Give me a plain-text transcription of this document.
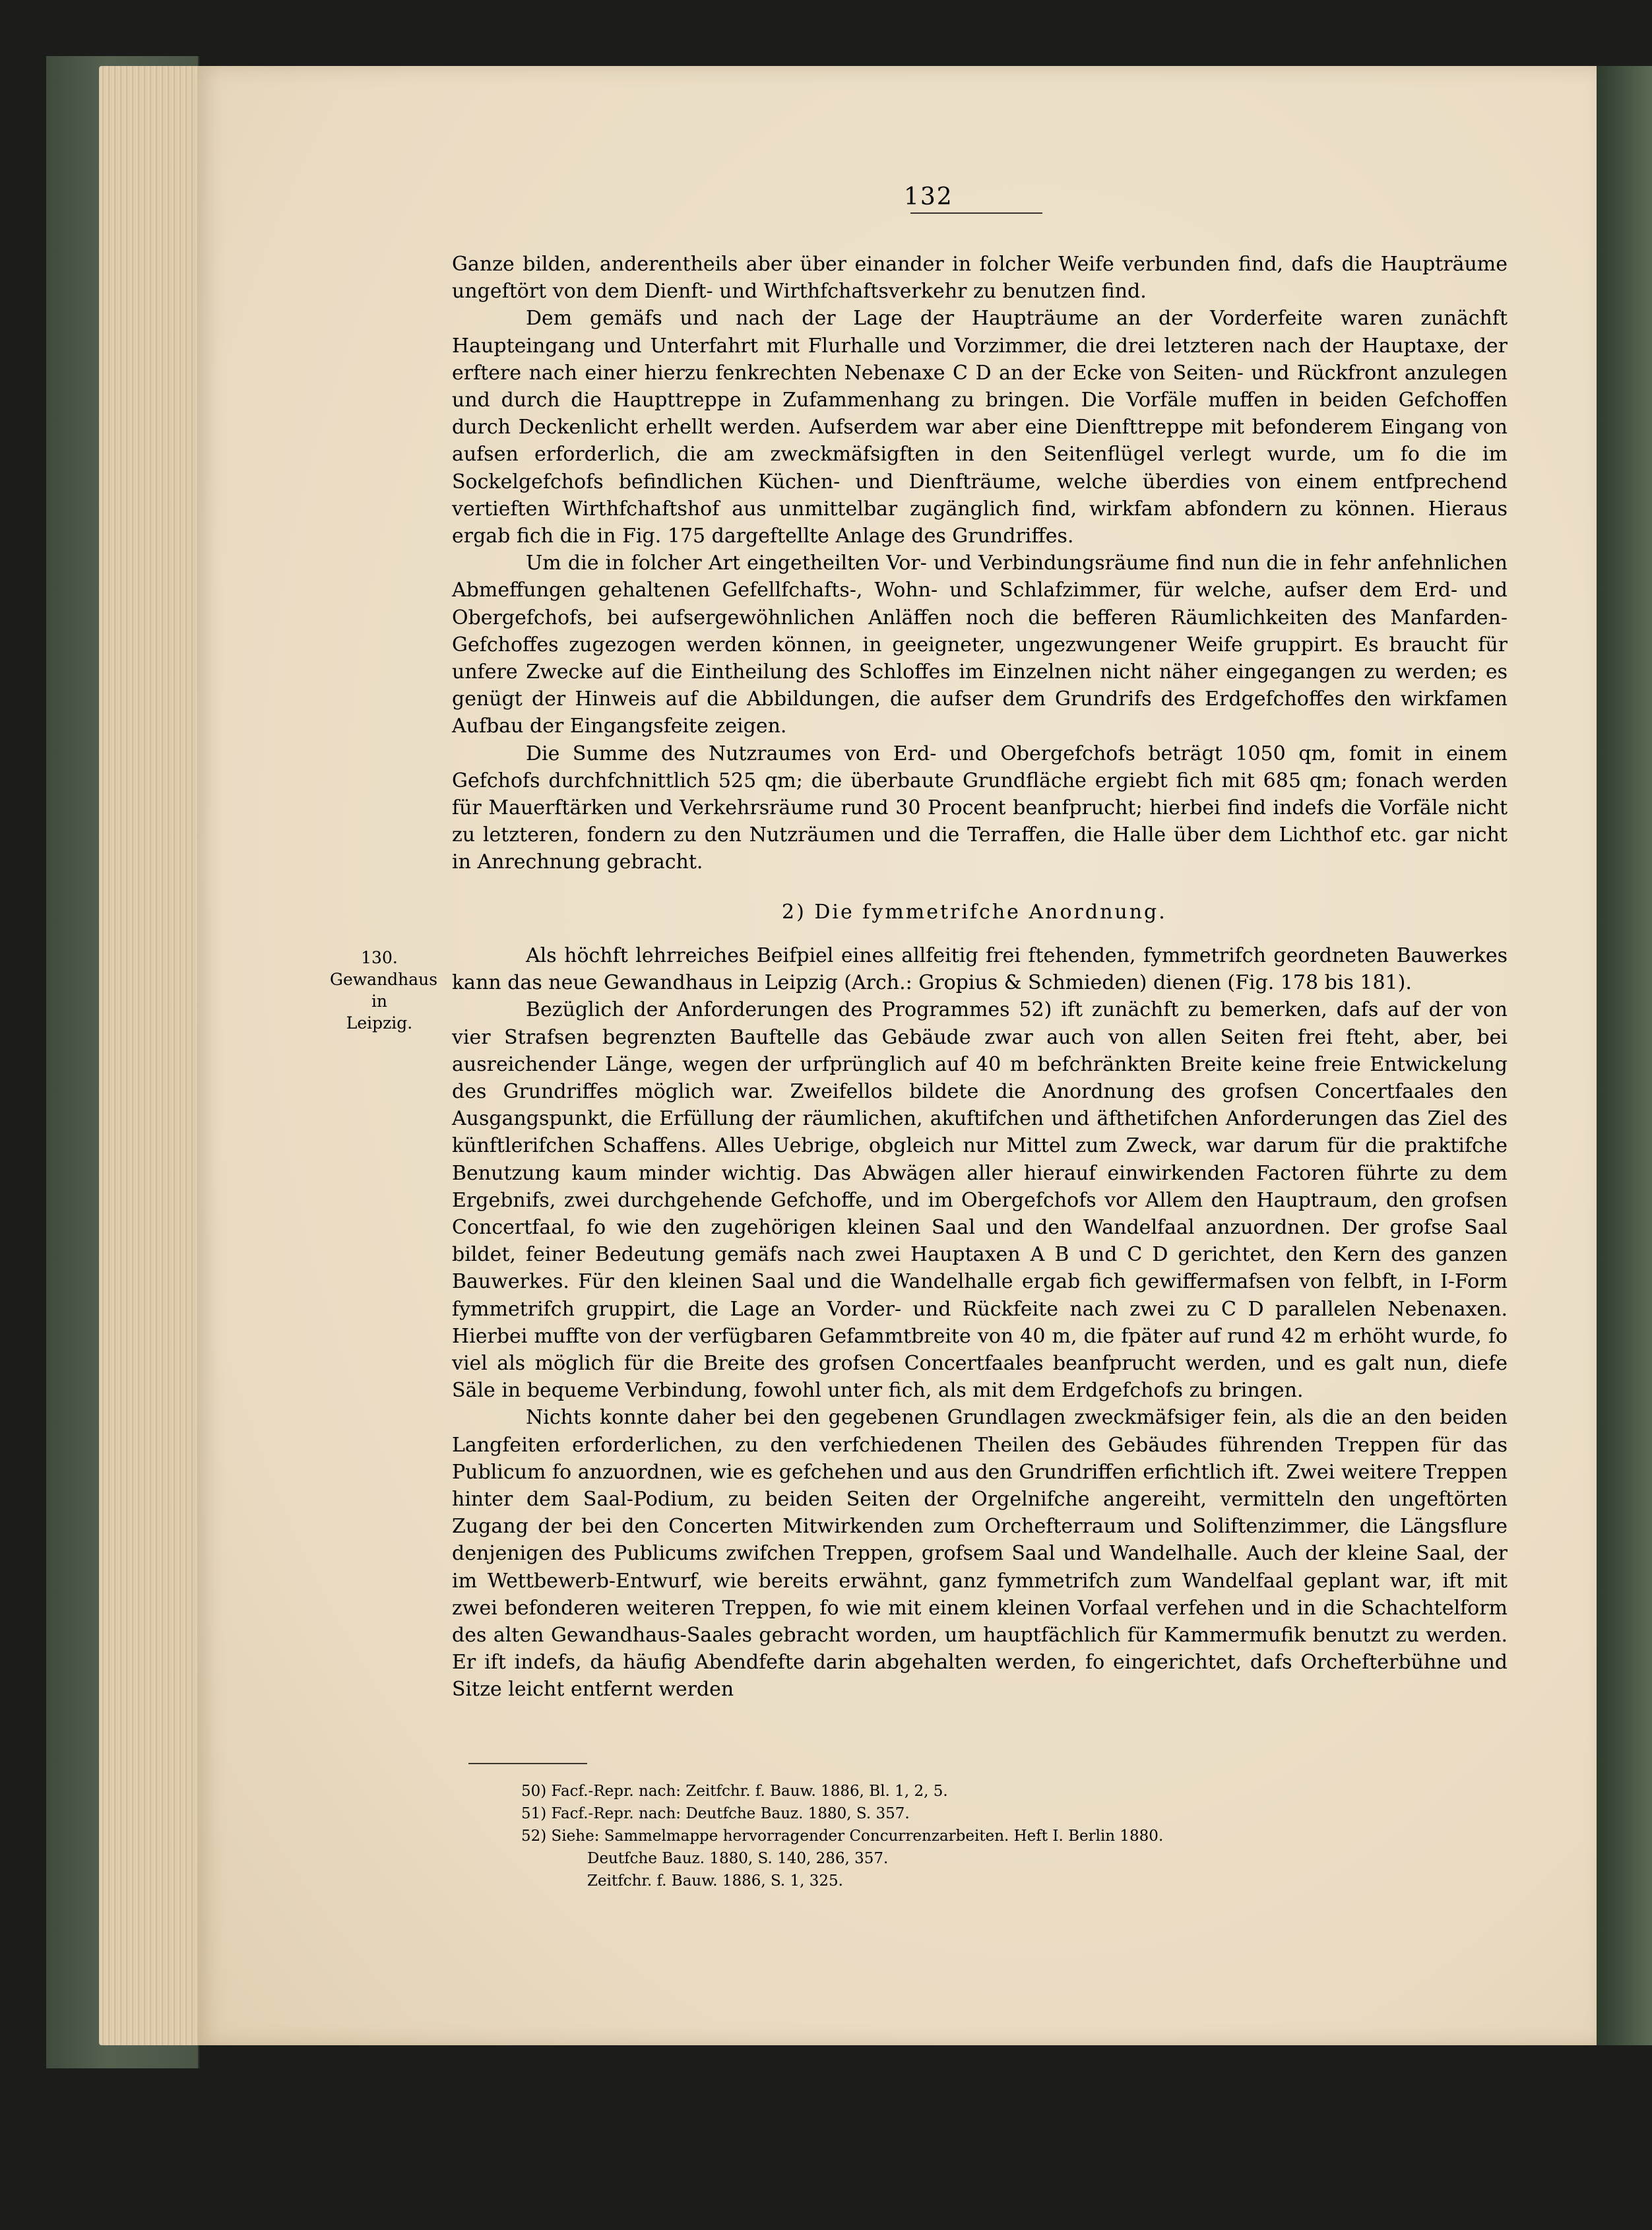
132

Ganze bilden, anderentheils aber über einander in folcher Weife verbunden find, dafs die Haupträume ungeftört von dem Dienft- und Wirthfchaftsverkehr zu benutzen find.

Dem gemäfs und nach der Lage der Haupträume an der Vorderfeite waren zunächft Haupteingang und Unterfahrt mit Flurhalle und Vorzimmer, die drei letzteren nach der Hauptaxe, der erftere nach einer hierzu fenkrechten Nebenaxe C D an der Ecke von Seiten- und Rückfront anzulegen und durch die Haupttreppe in Zufammenhang zu bringen. Die Vorfäle muffen in beiden Gefchoffen durch Deckenlicht erhellt werden. Aufserdem war aber eine Dienfttreppe mit befonderem Eingang von aufsen erforderlich, die am zweckmäfsigften in den Seitenflügel verlegt wurde, um fo die im Sockelgefchofs befindlichen Küchen- und Dienfträume, welche überdies von einem entfprechend vertieften Wirthfchaftshof aus unmittelbar zugänglich find, wirkfam abfondern zu können. Hieraus ergab fich die in Fig. 175 dargeftellte Anlage des Grundriffes.

Um die in folcher Art eingetheilten Vor- und Verbindungsräume find nun die in fehr anfehnlichen Abmeffungen gehaltenen Gefellfchafts-, Wohn- und Schlafzimmer, für welche, aufser dem Erd- und Obergefchofs, bei aufsergewöhnlichen Anläffen noch die befferen Räumlichkeiten des Manfarden-Gefchoffes zugezogen werden können, in geeigneter, ungezwungener Weife gruppirt. Es braucht für unfere Zwecke auf die Eintheilung des Schloffes im Einzelnen nicht näher eingegangen zu werden; es genügt der Hinweis auf die Abbildungen, die aufser dem Grundrifs des Erdgefchoffes den wirkfamen Aufbau der Eingangsfeite zeigen.

Die Summe des Nutzraumes von Erd- und Obergefchofs beträgt 1050 qm, fomit in einem Gefchofs durchfchnittlich 525 qm; die überbaute Grundfläche ergiebt fich mit 685 qm; fonach werden für Mauerftärken und Verkehrsräume rund 30 Procent beanfprucht; hierbei find indefs die Vorfäle nicht zu letzteren, fondern zu den Nutzräumen und die Terraffen, die Halle über dem Lichthof etc. gar nicht in Anrechnung gebracht.

2) Die fymmetrifche Anordnung.
130.
Gewandhaus
in
Leipzig.

Als höchft lehrreiches Beifpiel eines allfeitig frei ftehenden, fymmetrifch geordneten Bauwerkes kann das neue Gewandhaus in Leipzig (Arch.: Gropius & Schmieden) dienen (Fig. 178 bis 181).

Bezüglich der Anforderungen des Programmes 52) ift zunächft zu bemerken, dafs auf der von vier Strafsen begrenzten Bauftelle das Gebäude zwar auch von allen Seiten frei fteht, aber, bei ausreichender Länge, wegen der urfprünglich auf 40 m befchränkten Breite keine freie Entwickelung des Grundriffes möglich war. Zweifellos bildete die Anordnung des grofsen Concertfaales den Ausgangspunkt, die Erfüllung der räumlichen, akuftifchen und äfthetifchen Anforderungen das Ziel des künftlerifchen Schaffens. Alles Uebrige, obgleich nur Mittel zum Zweck, war darum für die praktifche Benutzung kaum minder wichtig. Das Abwägen aller hierauf einwirkenden Factoren führte zu dem Ergebnifs, zwei durchgehende Gefchoffe, und im Obergefchofs vor Allem den Hauptraum, den grofsen Concertfaal, fo wie den zugehörigen kleinen Saal und den Wandelfaal anzuordnen. Der grofse Saal bildet, feiner Bedeutung gemäfs nach zwei Hauptaxen A B und C D gerichtet, den Kern des ganzen Bauwerkes. Für den kleinen Saal und die Wandelhalle ergab fich gewiffermafsen von felbft, in I-Form fymmetrifch gruppirt, die Lage an Vorder- und Rückfeite nach zwei zu C D parallelen Nebenaxen. Hierbei muffte von der verfügbaren Gefammtbreite von 40 m, die fpäter auf rund 42 m erhöht wurde, fo viel als möglich für die Breite des grofsen Concertfaales beanfprucht werden, und es galt nun, diefe Säle in bequeme Verbindung, fowohl unter fich, als mit dem Erdgefchofs zu bringen.

Nichts konnte daher bei den gegebenen Grundlagen zweckmäfsiger fein, als die an den beiden Langfeiten erforderlichen, zu den verfchiedenen Theilen des Gebäudes führenden Treppen für das Publicum fo anzuordnen, wie es gefchehen und aus den Grundriffen erfichtlich ift. Zwei weitere Treppen hinter dem Saal-Podium, zu beiden Seiten der Orgelnifche angereiht, vermitteln den ungeftörten Zugang der bei den Concerten Mitwirkenden zum Orchefterraum und Soliftenzimmer, die Längsflure denjenigen des Publicums zwifchen Treppen, grofsem Saal und Wandelhalle. Auch der kleine Saal, der im Wettbewerb-Entwurf, wie bereits erwähnt, ganz fymmetrifch zum Wandelfaal geplant war, ift mit zwei befonderen weiteren Treppen, fo wie mit einem kleinen Vorfaal verfehen und in die Schachtelform des alten Gewandhaus-Saales gebracht worden, um hauptfächlich für Kammermufik benutzt zu werden. Er ift indefs, da häufig Abendfefte darin abgehalten werden, fo eingerichtet, dafs Orchefterbühne und Sitze leicht entfernt werden

50) Facf.-Repr. nach: Zeitfchr. f. Bauw. 1886, Bl. 1, 2, 5.
51) Facf.-Repr. nach: Deutfche Bauz. 1880, S. 357.
52) Siehe: Sammelmappe hervorragender Concurrenzarbeiten. Heft I. Berlin 1880.
Deutfche Bauz. 1880, S. 140, 286, 357.
Zeitfchr. f. Bauw. 1886, S. 1, 325.
